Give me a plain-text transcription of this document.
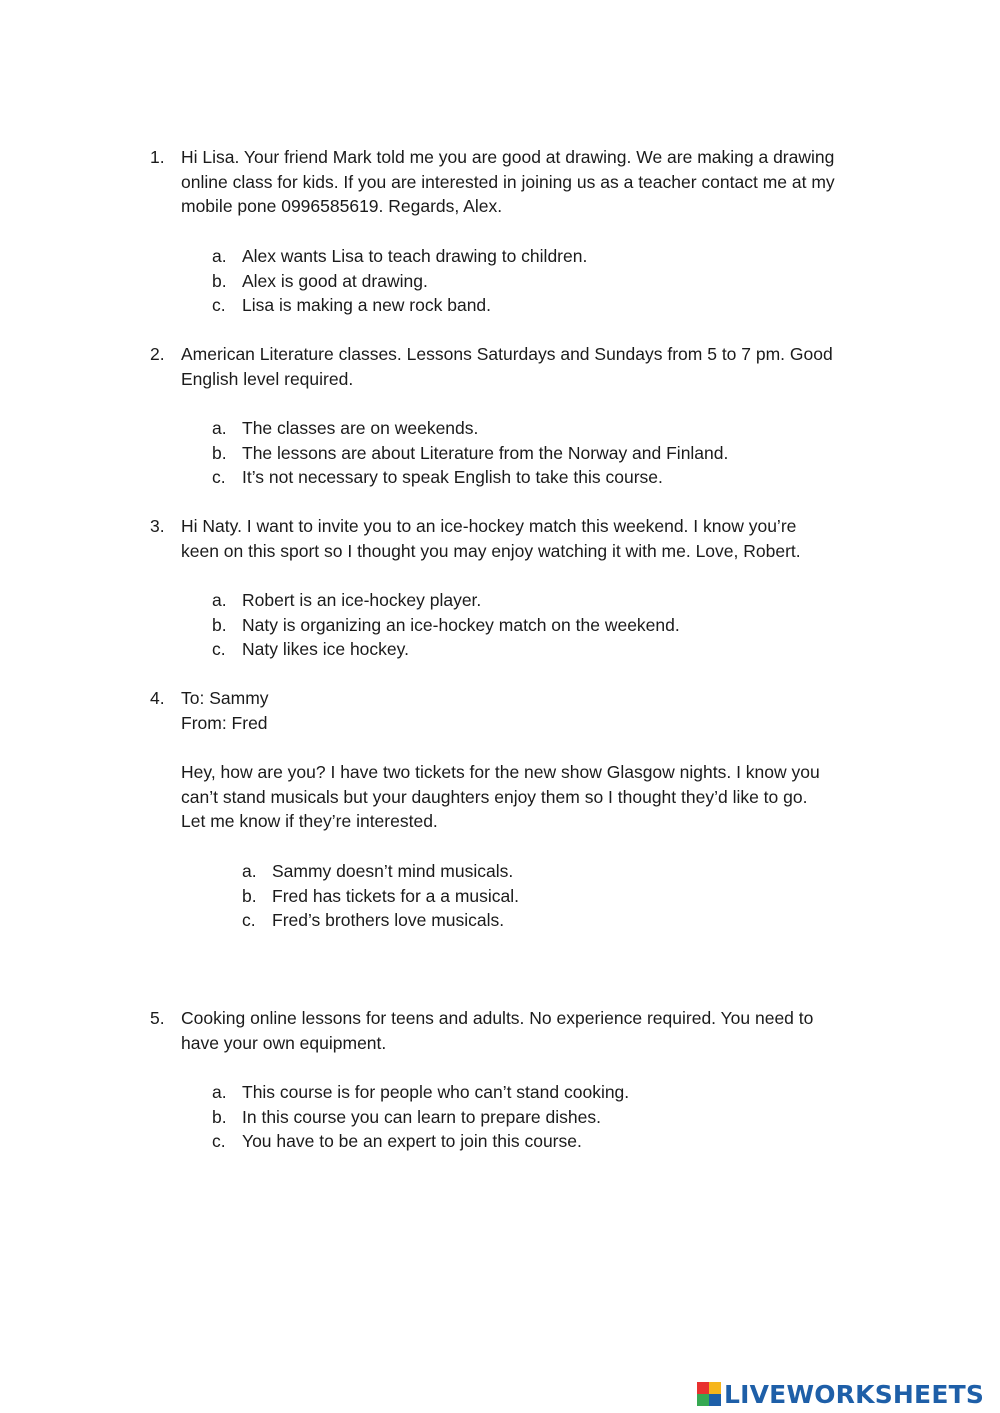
1. Hi Lisa. Your friend Mark told me you are good at drawing. We are making a drawing
online class for kids. If you are interested in joining us as a teacher contact me at my
mobile pone 0996585619. Regards, Alex.

a. Alex wants Lisa to teach drawing to children.
b. Alex is good at drawing.
c. Lisa is making a new rock band.
2. American Literature classes. Lessons Saturdays and Sundays from 5 to 7 pm. Good
English level required.

a. The classes are on weekends.
b. The lessons are about Literature from the Norway and Finland.
c. It’s not necessary to speak English to take this course.
3. Hi Naty. I want to invite you to an ice-hockey match this weekend. I know you’re
keen on this sport so I thought you may enjoy watching it with me. Love, Robert.

a. Robert is an ice-hockey player.
b. Naty is organizing an ice-hockey match on the weekend.
c. Naty likes ice hockey.
4. To: Sammy
From: Fred

Hey, how are you? I have two tickets for the new show Glasgow nights. I know you
can’t stand musicals but your daughters enjoy them so I thought they’d like to go.
Let me know if they’re interested.

a. Sammy doesn’t mind musicals.
b. Fred has tickets for a a musical.
c. Fred’s brothers love musicals.
5. Cooking online lessons for teens and adults. No experience required. You need to
have your own equipment.

a. This course is for people who can’t stand cooking.
b. In this course you can learn to prepare dishes.
c. You have to be an expert to join this course.
LIVEWORKSHEETS
